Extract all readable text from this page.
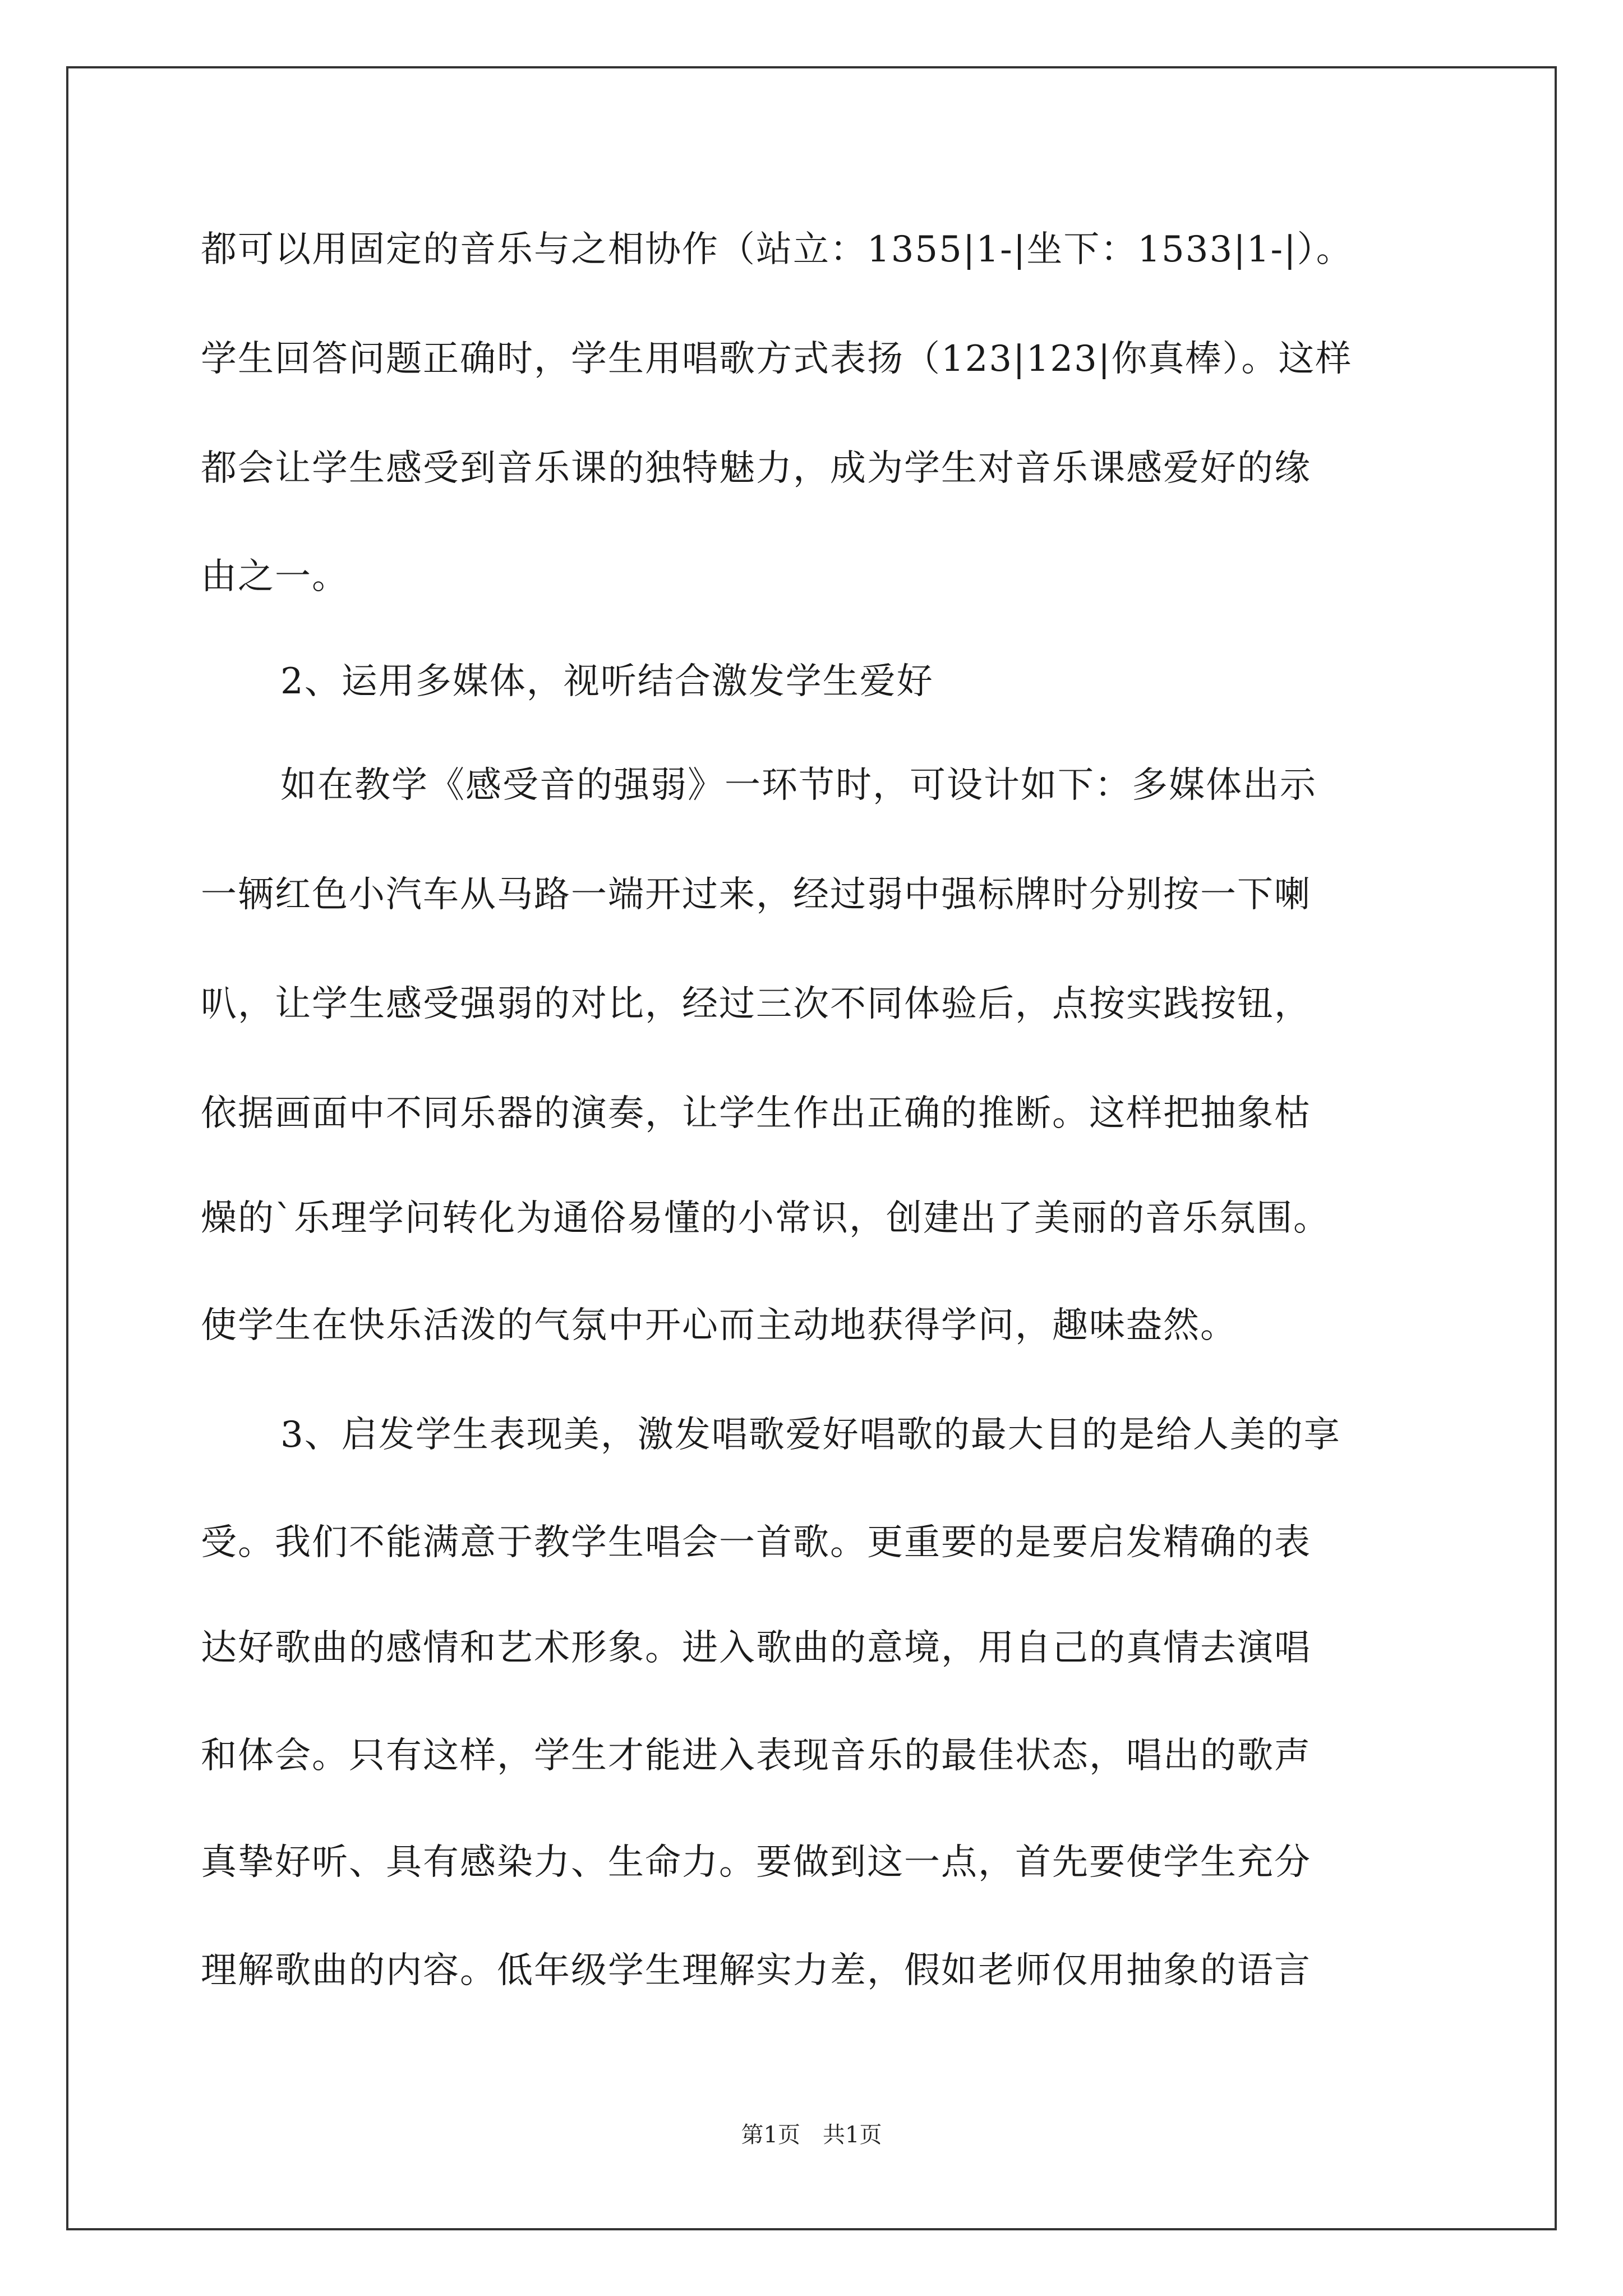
都可以用固定的音乐与之相协作（站立：1355|1-|坐下：1533|1-|）。
学生回答问题正确时，学生用唱歌方式表扬（123|123|你真棒）。这样
都会让学生感受到音乐课的独特魅力，成为学生对音乐课感爱好的缘
由之一。
2、运用多媒体，视听结合激发学生爱好
如在教学《感受音的强弱》一环节时，可设计如下：多媒体出示
一辆红色小汽车从马路一端开过来，经过弱中强标牌时分别按一下喇
叭，让学生感受强弱的对比，经过三次不同体验后，点按实践按钮，
依据画面中不同乐器的演奏，让学生作出正确的推断。这样把抽象枯
燥的`乐理学问转化为通俗易懂的小常识，创建出了美丽的音乐氛围。
使学生在快乐活泼的气氛中开心而主动地获得学问，趣味盎然。
3、启发学生表现美，激发唱歌爱好唱歌的最大目的是给人美的享
受。我们不能满意于教学生唱会一首歌。更重要的是要启发精确的表
达好歌曲的感情和艺术形象。进入歌曲的意境，用自己的真情去演唱
和体会。只有这样，学生才能进入表现音乐的最佳状态，唱出的歌声
真挚好听、具有感染力、生命力。要做到这一点，首先要使学生充分
理解歌曲的内容。低年级学生理解实力差，假如老师仅用抽象的语言
第1页　共1页
